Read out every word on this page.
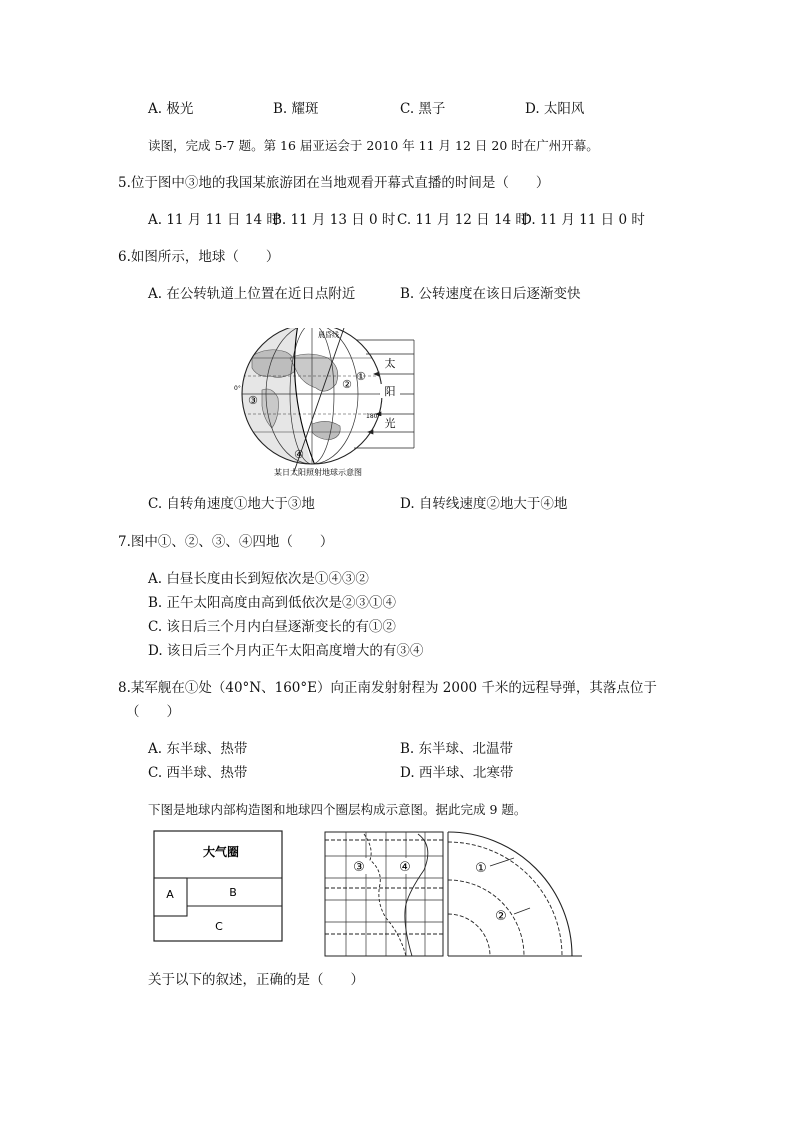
A. 极光	B. 耀斑	C. 黑子	D. 太阳风
读图，完成 5-7 题。第 16 届亚运会于 2010 年 11 月 12 日 20 时在广州开幕。
5.位于图中③地的我国某旅游团在当地观看开幕式直播的时间是（　　）
A. 11 月 11 日 14 时
B. 11 月 13 日 0 时 C. 11 月 12 日 14 时
D. 11 月 11 日 0 时
6.如图所示，地球（　　）
A. 在公转轨道上位置在近日点附近	B. 公转速度在该日后逐渐变快
太
阳
光
晨昏线
0°
180°
①
②
③
④
某日太阳照射地球示意图
C. 自转角速度①地大于③地	D. 自转线速度②地大于④地
7.图中①、②、③、④四地（　　）
A. 白昼长度由长到短依次是①④③②
B. 正午太阳高度由高到低依次是②③①④
C. 该日后三个月内白昼逐渐变长的有①②
D. 该日后三个月内正午太阳高度增大的有③④
8.某军舰在①处（40°N、160°E）向正南发射射程为 2000 千米的远程导弹，其落点位于
（　　）
A. 东半球、热带	B. 东半球、北温带
C. 西半球、热带	D. 西半球、北寒带
下图是地球内部构造图和地球四个圈层构成示意图。据此完成 9 题。
大气圈
A	B
C
③	④	①
②
关于以下的叙述，正确的是（　　）
